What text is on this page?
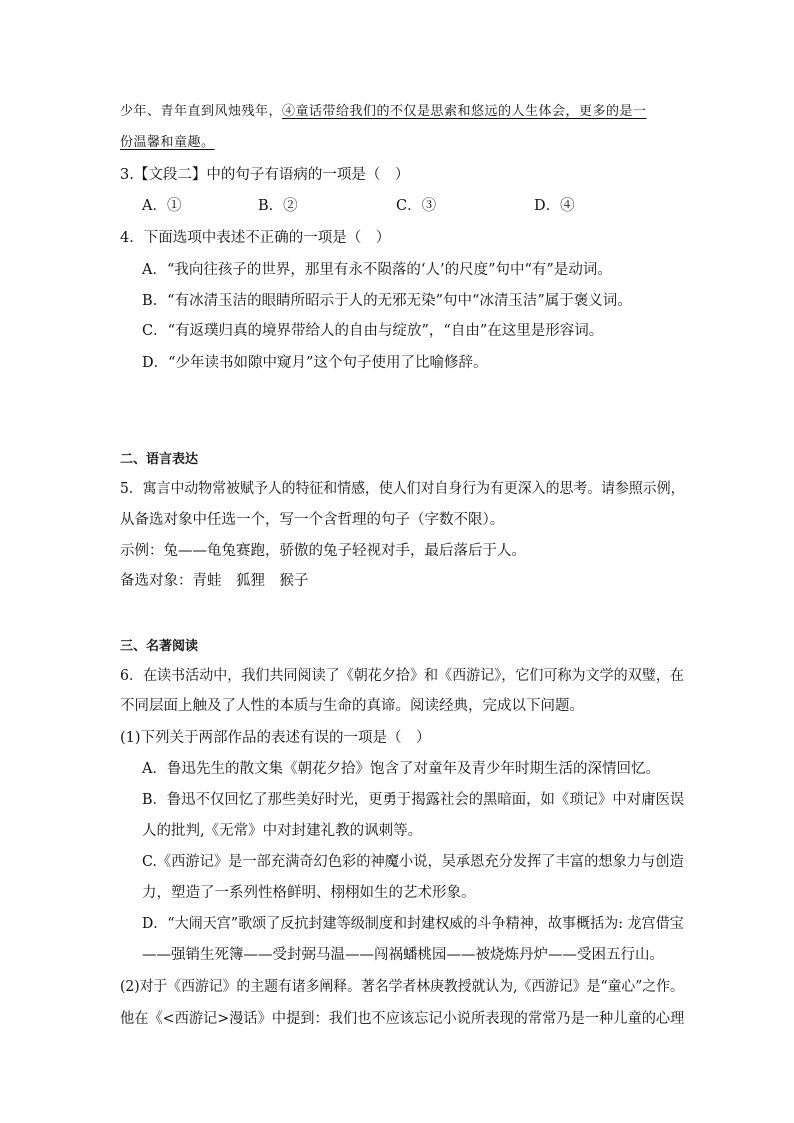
少年、青年直到风烛残年，④童话带给我们的不仅是思索和悠远的人生体会，更多的是一
份温馨和童趣。
3.【文段二】中的句子有语病的一项是（　）
A．①	B．②	C．③	D．④
4．下面选项中表述不正确的一项是（　）
A．“我向往孩子的世界，那里有永不陨落的‘人’的尺度”句中“有”是动词。
B．“有冰清玉洁的眼睛所昭示于人的无邪无染”句中“冰清玉洁”属于褒义词。
C．“有返璞归真的境界带给人的自由与绽放”，“自由”在这里是形容词。
D．“少年读书如隙中窥月”这个句子使用了比喻修辞。
二、语言表达
5．寓言中动物常被赋予人的特征和情感，使人们对自身行为有更深入的思考。请参照示例，
从备选对象中任选一个，写一个含哲理的句子（字数不限）。
示例：兔——龟兔赛跑，骄傲的兔子轻视对手，最后落后于人。
备选对象：青蛙　狐狸　猴子
三、名著阅读
6．在读书活动中，我们共同阅读了《朝花夕拾》和《西游记》，它们可称为文学的双璧，在
不同层面上触及了人性的本质与生命的真谛。阅读经典，完成以下问题。
(1)下列关于两部作品的表述有误的一项是（　）
A．鲁迅先生的散文集《朝花夕拾》饱含了对童年及青少年时期生活的深情回忆。
B．鲁迅不仅回忆了那些美好时光，更勇于揭露社会的黑暗面，如《琐记》中对庸医误
人的批判,《无常》中对封建礼教的讽刺等。
C.《西游记》是一部充满奇幻色彩的神魔小说，吴承恩充分发挥了丰富的想象力与创造
力，塑造了一系列性格鲜明、栩栩如生的艺术形象。
D．“大闹天宫”歌颂了反抗封建等级制度和封建权威的斗争精神，故事概括为: 龙宫借宝
——强销生死簿——受封弼马温——闯祸蟠桃园——被烧炼丹炉——受困五行山。
(2)对于《西游记》的主题有诸多阐释。著名学者林庚教授就认为,《西游记》是“童心”之作。
他在《<西游记>漫话》中提到：我们也不应该忘记小说所表现的常常乃是一种儿童的心理
